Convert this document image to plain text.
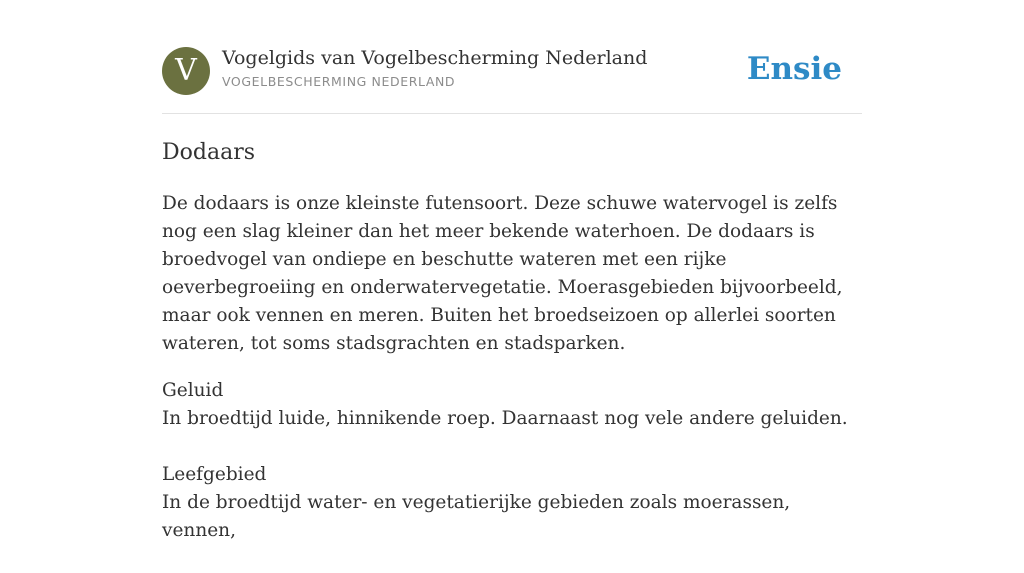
V	Vogelgids van Vogelbescherming Nederland
VOGELBESCHERMING NEDERLAND	Ensie
Dodaars

De dodaars is onze kleinste futensoort. Deze schuwe watervogel is zelfs nog een slag kleiner dan het meer bekende waterhoen. De dodaars is broedvogel van ondiepe en beschutte wateren met een rijke oeverbegroeiing en onderwatervegetatie. Moerasgebieden bijvoorbeeld, maar ook vennen en meren. Buiten het broedseizoen op allerlei soorten wateren, tot soms stadsgrachten en stadsparken.

Geluid
In broedtijd luide, hinnikende roep. Daarnaast nog vele andere geluiden.
Leefgebied
In de broedtijd water- en vegetatierijke gebieden zoals moerassen, vennen,
